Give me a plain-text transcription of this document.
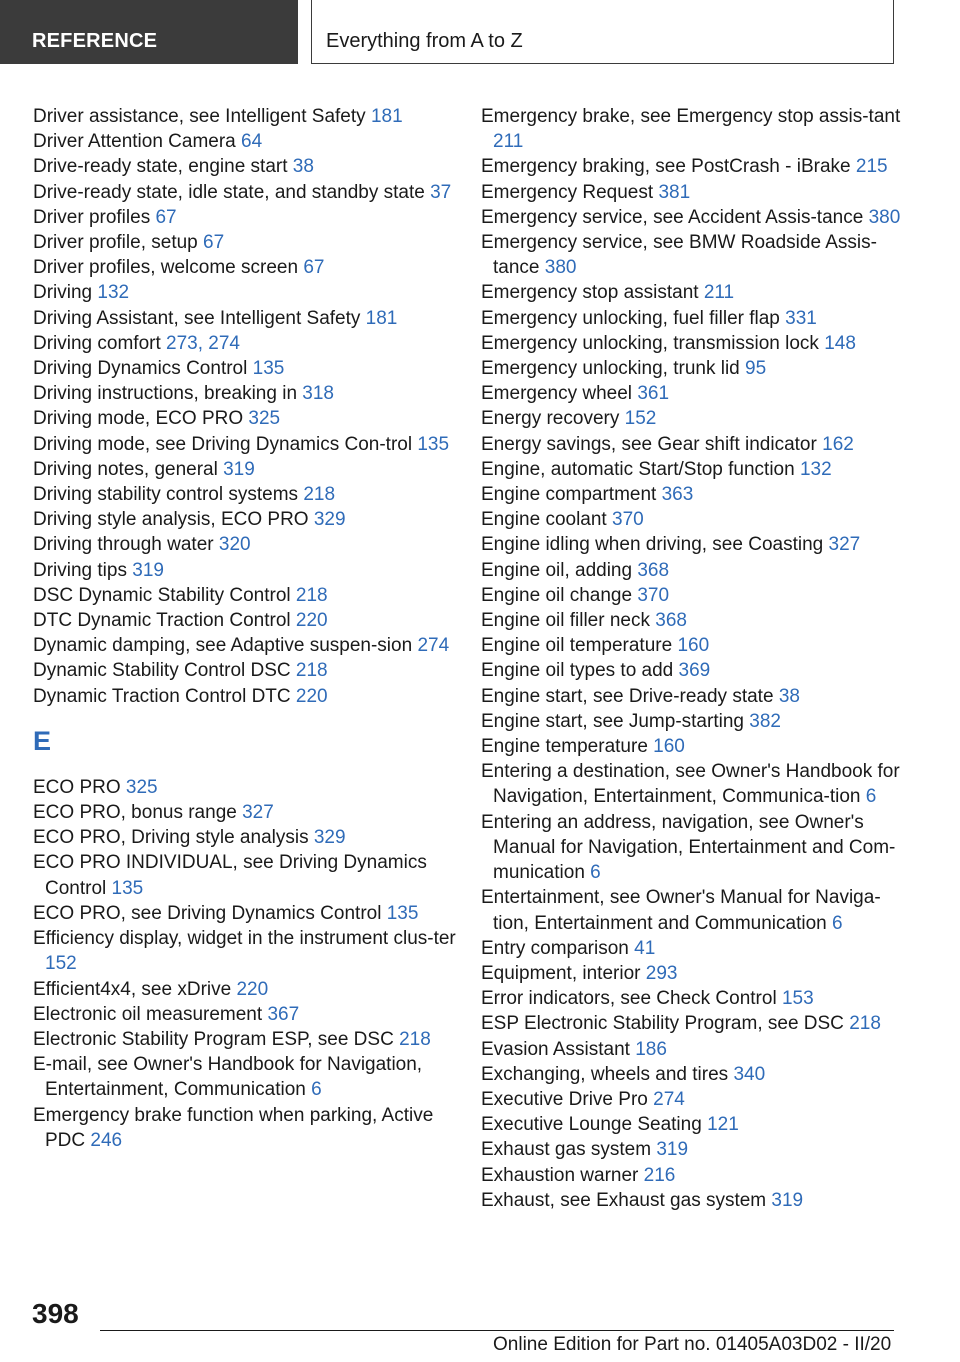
REFERENCE	Everything from A to Z
Driver assistance, see Intelligent Safety 181
Driver Attention Camera 64
Drive-ready state, engine start 38
Drive-ready state, idle state, and standby state 37
Driver profiles 67
Driver profile, setup 67
Driver profiles, welcome screen 67
Driving 132
Driving Assistant, see Intelligent Safety 181
Driving comfort 273, 274
Driving Dynamics Control 135
Driving instructions, breaking in 318
Driving mode, ECO PRO 325
Driving mode, see Driving Dynamics Con-trol 135
Driving notes, general 319
Driving stability control systems 218
Driving style analysis, ECO PRO 329
Driving through water 320
Driving tips 319
DSC Dynamic Stability Control 218
DTC Dynamic Traction Control 220
Dynamic damping, see Adaptive suspen-sion 274
Dynamic Stability Control DSC 218
Dynamic Traction Control DTC 220
E
ECO PRO 325
ECO PRO, bonus range 327
ECO PRO, Driving style analysis 329
ECO PRO INDIVIDUAL, see Driving Dynamics Control 135
ECO PRO, see Driving Dynamics Control 135
Efficiency display, widget in the instrument clus-ter 152
Efficient4x4, see xDrive 220
Electronic oil measurement 367
Electronic Stability Program ESP, see DSC 218
E-mail, see Owner's Handbook for Navigation, Entertainment, Communication 6
Emergency brake function when parking, Active PDC 246
Emergency brake, see Emergency stop assis-tant 211
Emergency braking, see PostCrash - iBrake 215
Emergency Request 381
Emergency service, see Accident Assis-tance 380
Emergency service, see BMW Roadside Assis-tance 380
Emergency stop assistant 211
Emergency unlocking, fuel filler flap 331
Emergency unlocking, transmission lock 148
Emergency unlocking, trunk lid 95
Emergency wheel 361
Energy recovery 152
Energy savings, see Gear shift indicator 162
Engine, automatic Start/Stop function 132
Engine compartment 363
Engine coolant 370
Engine idling when driving, see Coasting 327
Engine oil, adding 368
Engine oil change 370
Engine oil filler neck 368
Engine oil temperature 160
Engine oil types to add 369
Engine start, see Drive-ready state 38
Engine start, see Jump-starting 382
Engine temperature 160
Entering a destination, see Owner's Handbook for Navigation, Entertainment, Communica-tion 6
Entering an address, navigation, see Owner's Manual for Navigation, Entertainment and Com-munication 6
Entertainment, see Owner's Manual for Naviga-tion, Entertainment and Communication 6
Entry comparison 41
Equipment, interior 293
Error indicators, see Check Control 153
ESP Electronic Stability Program, see DSC 218
Evasion Assistant 186
Exchanging, wheels and tires 340
Executive Drive Pro 274
Executive Lounge Seating 121
Exhaust gas system 319
Exhaustion warner 216
Exhaust, see Exhaust gas system 319
398
Online Edition for Part no. 01405A03D02 - II/20
